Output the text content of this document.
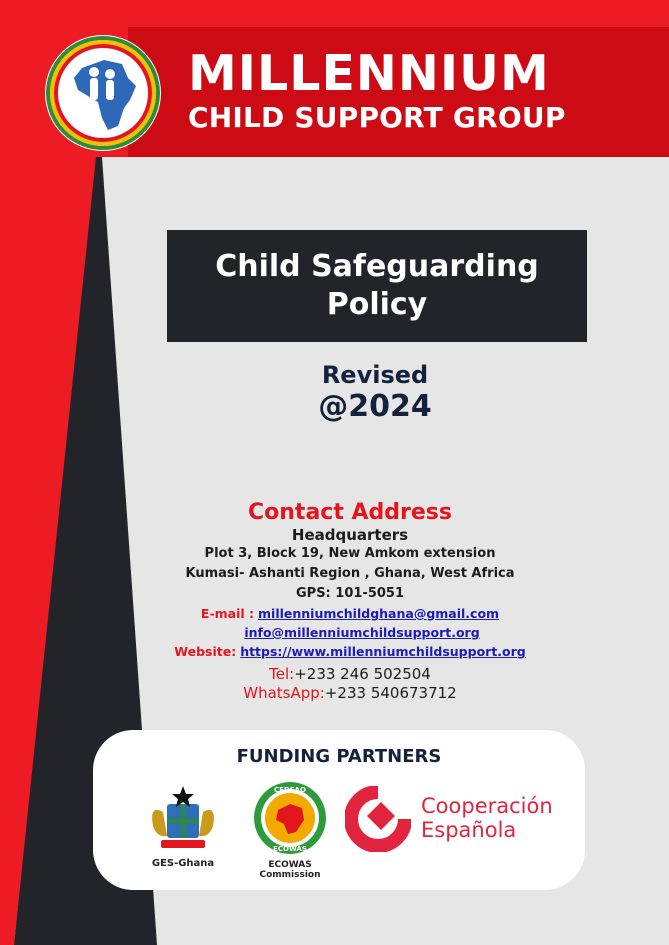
MILLENNIUM
CHILD SUPPORT GROUP
Child Safeguarding
Policy
Revised
@2024
Contact Address
Headquarters
Plot 3, Block 19, New Amkom extension
Kumasi- Ashanti Region , Ghana, West Africa
GPS: 101-5051
E-mail : millenniumchildghana@gmail.com
info@millenniumchildsupport.org
Website: https://www.millenniumchildsupport.org
Tel:+233 246 502504
WhatsApp:+233 540673712
FUNDING PARTNERS
GES-Ghana
CEDEAO
ECOWAS
ECOWAS Commission
Cooperación
Española
